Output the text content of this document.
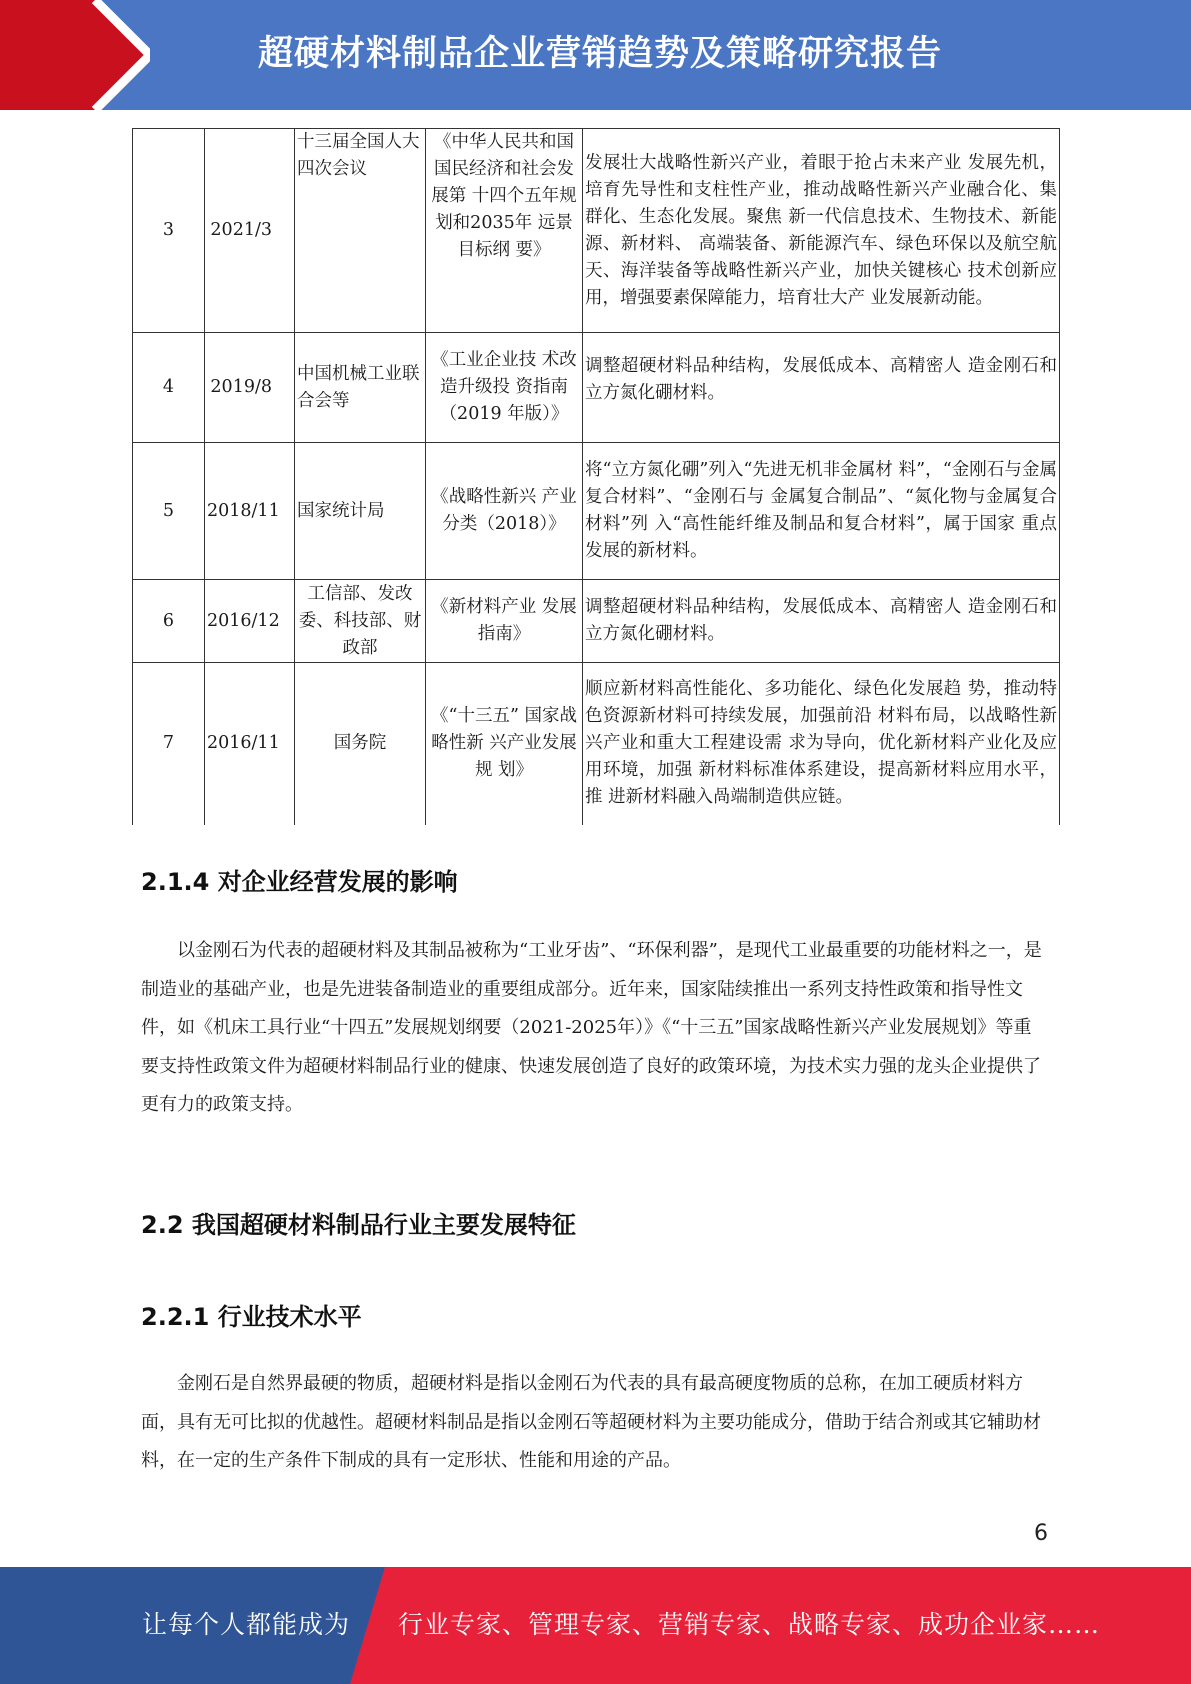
超硬材料制品企业营销趋势及策略研究报告
3	2021/3	十三届全国人大四次会议	《中华人民共和国国民经济和社会发展第 十四个五年规 划和2035年 远景目标纲 要》	发展壮大战略性新兴产业，着眼于抢占未来产业 发展先机，培育先导性和支柱性产业，推动战略性新兴产业融合化、集群化、生态化发展。聚焦 新一代信息技术、生物技术、新能源、新材料、 高端装备、新能源汽车、绿色环保以及航空航 天、海洋装备等战略性新兴产业，加快关键核心 技术创新应用，增强要素保障能力，培育壮大产 业发展新动能。
4	2019/8	中国机械工业联合会等	《工业企业技 术改造升级投 资指南（2019 年版）》	调整超硬材料品种结构，发展低成本、高精密人 造金刚石和立方氮化硼材料。
5	2018/11	国家统计局	《战略性新兴 产业分类（2018）》	将“立方氮化硼”列入“先进无机非金属材 料”，“金刚石与金属复合材料”、“金刚石与 金属复合制品”、“氮化物与金属复合材料”列 入“高性能纤维及制品和复合材料”，属于国家 重点发展的新材料。
6	2016/12	工信部、发改委、科技部、财政部	《新材料产业 发展指南》	调整超硬材料品种结构，发展低成本、高精密人 造金刚石和立方氮化硼材料。
7	2016/11	国务院	《“十三五” 国家战略性新 兴产业发展规 划》	顺应新材料高性能化、多功能化、绿色化发展趋 势，推动特色资源新材料可持续发展，加强前沿 材料布局，以战略性新兴产业和重大工程建设需 求为导向，优化新材料产业化及应用环境，加强 新材料标准体系建设，提高新材料应用水平，推 进新材料融入咼端制造供应链。
2.1.4 对企业经营发展的影响
以金刚石为代表的超硬材料及其制品被称为“工业牙齿”、“环保利器”，是现代工业最重要的功能材料之一，是制造业的基础产业，也是先进装备制造业的重要组成部分。近年来，国家陆续推出一系列支持性政策和指导性文件，如《机床工具行业“十四五”发展规划纲要（2021-2025年）》《“十三五”国家战略性新兴产业发展规划》等重要支持性政策文件为超硬材料制品行业的健康、快速发展创造了良好的政策环境，为技术实力强的龙头企业提供了更有力的政策支持。
2.2 我国超硬材料制品行业主要发展特征
2.2.1 行业技术水平
金刚石是自然界最硬的物质，超硬材料是指以金刚石为代表的具有最高硬度物质的总称，在加工硬质材料方面，具有无可比拟的优越性。超硬材料制品是指以金刚石等超硬材料为主要功能成分，借助于结合剂或其它辅助材料，在一定的生产条件下制成的具有一定形状、性能和用途的产品。
6
让每个人都能成为 行业专家、管理专家、营销专家、战略专家、成功企业家……
